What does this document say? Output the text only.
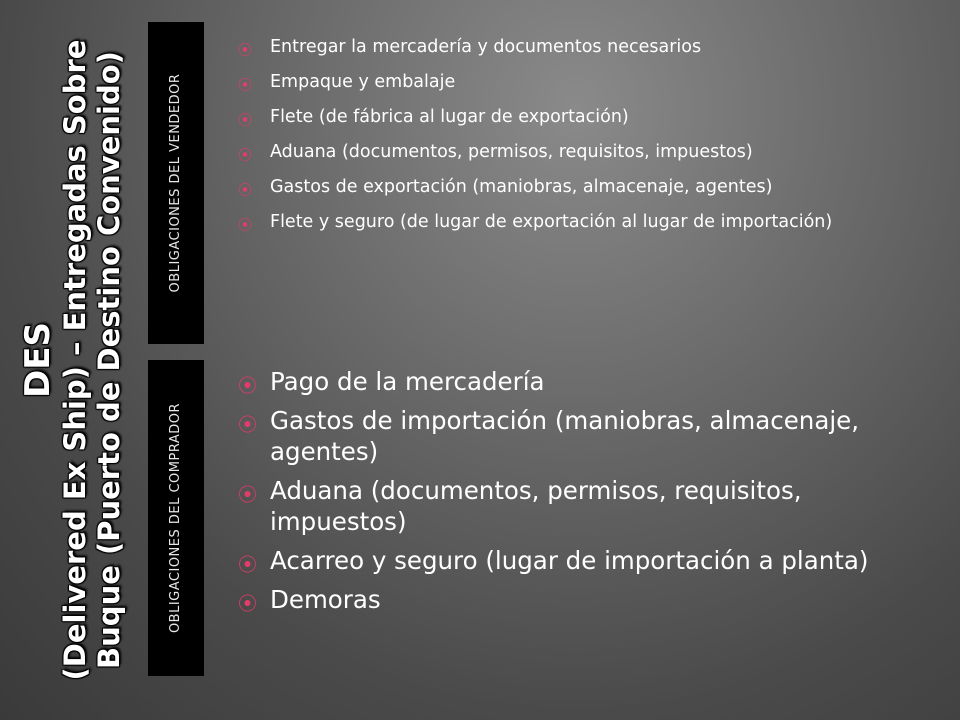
DES (Delivered Ex Ship) – Entregadas Sobre Buque (Puerto de Destino Convenido)	OBLIGACIONES DEL VENDEDOR
OBLIGACIONES DEL COMPRADOR
⦿ Entregar la mercadería y documentos necesarios
⦿ Empaque y embalaje
⦿ Flete (de fábrica al lugar de exportación)
⦿ Aduana (documentos, permisos, requisitos, impuestos)
⦿ Gastos de exportación (maniobras, almacenaje, agentes)
⦿ Flete y seguro (de lugar de exportación al lugar de importación)
⦿ Pago de la mercadería
⦿ Gastos de importación (maniobras, almacenaje, agentes)
⦿ Aduana (documentos, permisos, requisitos, impuestos)
⦿ Acarreo y seguro (lugar de importación a planta)
⦿ Demoras
